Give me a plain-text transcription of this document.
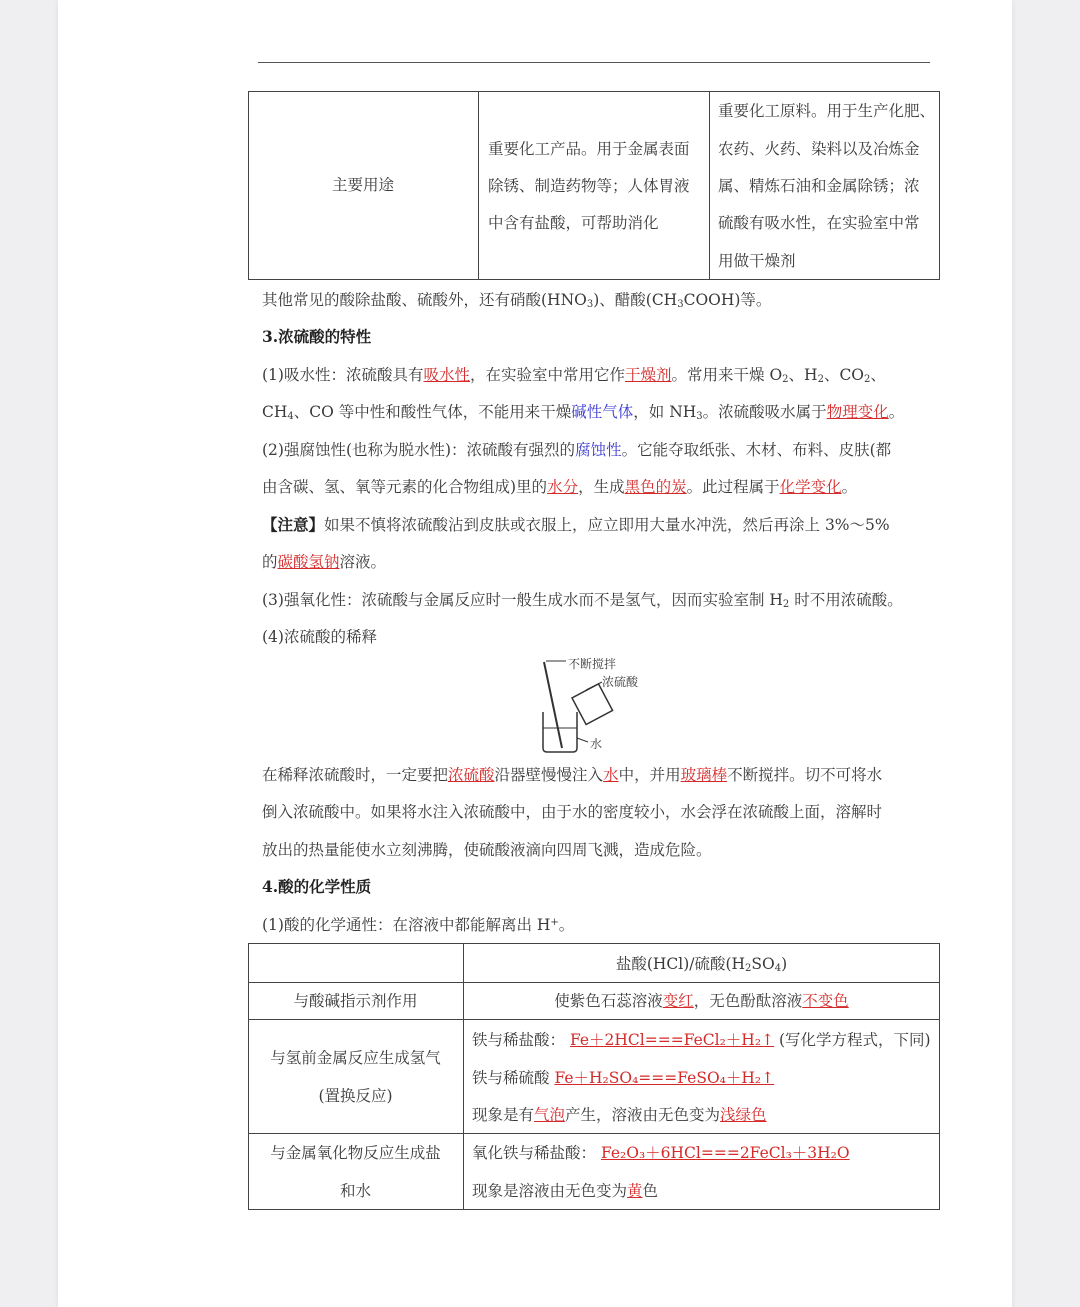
主要用途
重要化工产品。用于金属表面
除锈、制造药物等；人体胃液
中含有盐酸，可帮助消化
重要化工原料。用于生产化肥、
农药、火药、染料以及冶炼金
属、精炼石油和金属除锈；浓
硫酸有吸水性，在实验室中常
用做干燥剂
其他常见的酸除盐酸、硫酸外，还有硝酸$(HNO_3)$、醋酸$(CH_3COOH)$等。
3.浓硫酸的特性
(1)吸水性：浓硫酸具有吸水性，在实验室中常用它作干燥剂。常用来干燥 $O_2$、$H_2$、$CO_2$、
$CH_4$、CO 等中性和酸性气体，不能用来干燥碱性气体，如 $NH_3$。浓硫酸吸水属于物理变化。
(2)强腐蚀性(也称为脱水性)：浓硫酸有强烈的腐蚀性。它能夺取纸张、木材、布料、皮肤(都
由含碳、氢、氧等元素的化合物组成)里的水分，生成黑色的炭。此过程属于化学变化。
【注意】如果不慎将浓硫酸沾到皮肤或衣服上，应立即用大量水冲洗，然后再涂上 3%～5%
的碳酸氢钠溶液。
(3)强氧化性：浓硫酸与金属反应时一般生成水而不是氢气，因而实验室制 $H_2$ 时不用浓硫酸。
(4)浓硫酸的稀释
不断搅拌
浓硫酸
水
在稀释浓硫酸时，一定要把浓硫酸沿器壁慢慢注入水中，并用玻璃棒不断搅拌。切不可将水
倒入浓硫酸中。如果将水注入浓硫酸中，由于水的密度较小，水会浮在浓硫酸上面，溶解时
放出的热量能使水立刻沸腾，使硫酸液滴向四周飞溅，造成危险。
4.酸的化学性质
(1)酸的化学通性：在溶液中都能解离出 H+。
盐酸(HCl)/硫酸$(H_2SO_4)$
与酸碱指示剂作用	使紫色石蕊溶液变红，无色酚酞溶液不变色
与氢前金属反应生成氢气
(置换反应)
铁与稀盐酸： Fe＋2HCl===FeCl₂＋H₂↑ (写化学方程式，下同)
铁与稀硫酸 Fe＋H₂SO₄===FeSO₄＋H₂↑
现象是有气泡产生，溶液由无色变为浅绿色
与金属氧化物反应生成盐
和水
氧化铁与稀盐酸： Fe₂O₃＋6HCl===2FeCl₃＋3H₂O
现象是溶液由无色变为黄色
